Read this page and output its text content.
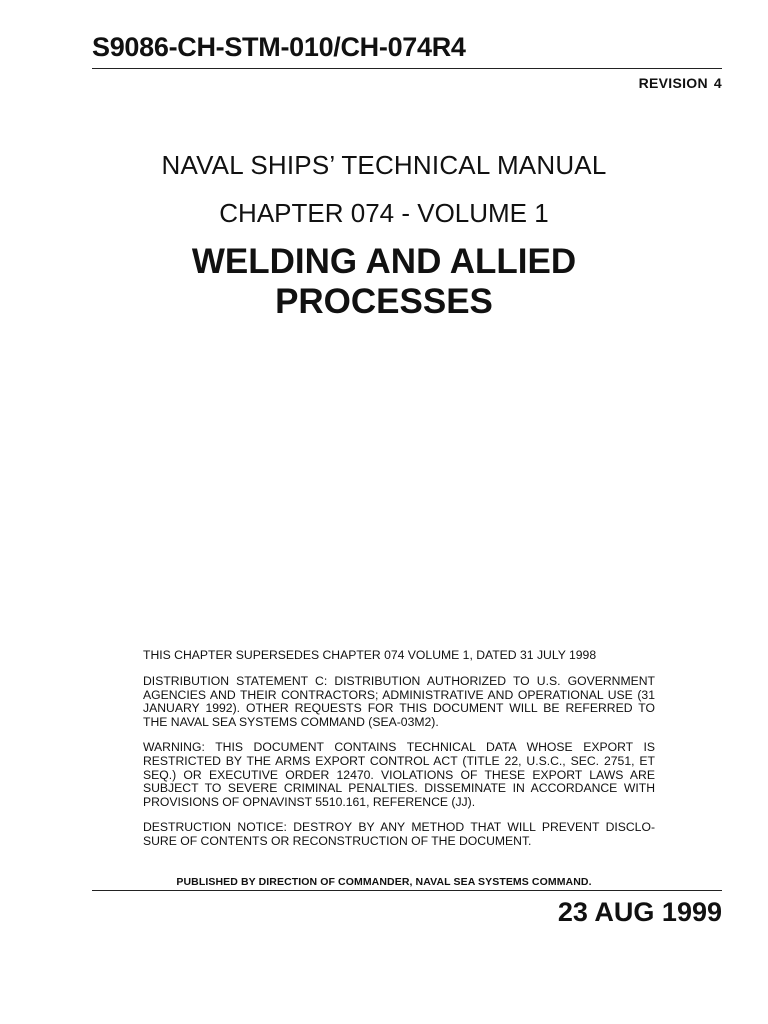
S9086-CH-STM-010/CH-074R4
REVISION 4
NAVAL SHIPS’ TECHNICAL MANUAL
CHAPTER 074 - VOLUME 1
WELDING AND ALLIED
PROCESSES

THIS CHAPTER SUPERSEDES CHAPTER 074 VOLUME 1, DATED 31 JULY 1998

DISTRIBUTION STATEMENT C: DISTRIBUTION AUTHORIZED TO U.S. GOVERNMENT AGENCIES AND THEIR CONTRACTORS; ADMINISTRATIVE AND OPERATIONAL USE (31 JANUARY 1992). OTHER REQUESTS FOR THIS DOCUMENT WILL BE REFERRED TO THE NAVAL SEA SYSTEMS COMMAND (SEA-03M2).

WARNING: THIS DOCUMENT CONTAINS TECHNICAL DATA WHOSE EXPORT IS RESTRICTED BY THE ARMS EXPORT CONTROL ACT (TITLE 22, U.S.C., SEC. 2751, ET SEQ.) OR EXECUTIVE ORDER 12470. VIOLATIONS OF THESE EXPORT LAWS ARE SUBJECT TO SEVERE CRIMINAL PENALTIES. DISSEMINATE IN ACCORDANCE WITH PROVISIONS OF OPNAVINST 5510.161, REFERENCE (JJ).

DESTRUCTION NOTICE: DESTROY BY ANY METHOD THAT WILL PREVENT DISCLO-SURE OF CONTENTS OR RECONSTRUCTION OF THE DOCUMENT.

PUBLISHED BY DIRECTION OF COMMANDER, NAVAL SEA SYSTEMS COMMAND.
23 AUG 1999
